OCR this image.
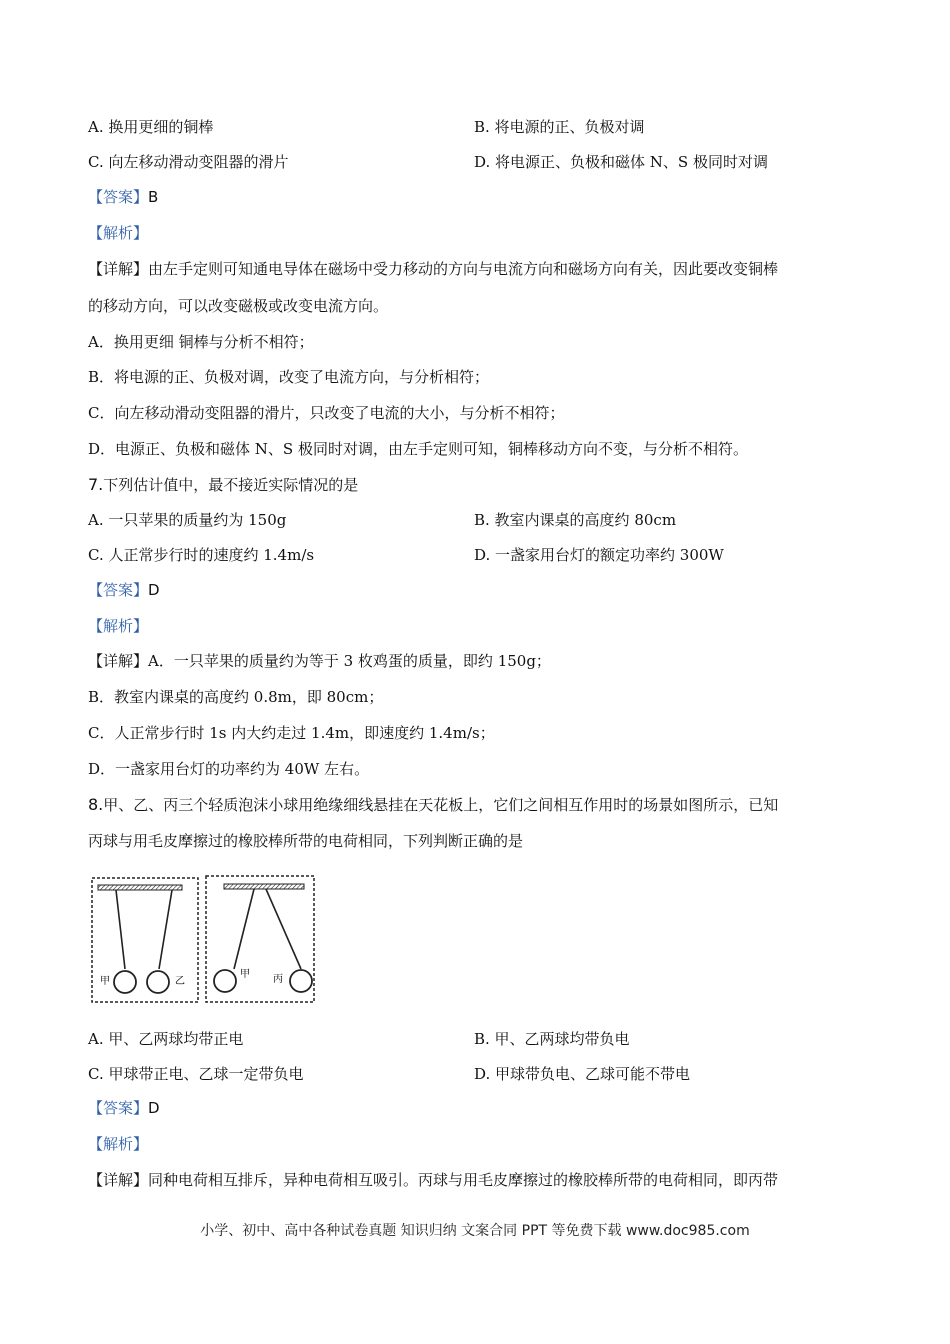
A. 换用更细的铜棒	B. 将电源的正、负极对调
C. 向左移动滑动变阻器的滑片	D. 将电源正、负极和磁体 N、S 极同时对调
【答案】B
【解析】
【详解】由左手定则可知通电导体在磁场中受力移动的方向与电流方向和磁场方向有关，因此要改变铜棒
的移动方向，可以改变磁极或改变电流方向。
A．换用更细 铜棒与分析不相符；
B．将电源的正、负极对调，改变了电流方向，与分析相符；
C．向左移动滑动变阻器的滑片，只改变了电流的大小，与分析不相符；
D．电源正、负极和磁体 N、S 极同时对调，由左手定则可知，铜棒移动方向不变，与分析不相符。
7.下列估计值中，最不接近实际情况的是
A. 一只苹果的质量约为 150g	B. 教室内课桌的高度约 80cm
C. 人正常步行时的速度约 1.4m/s	D. 一盏家用台灯的额定功率约 300W
【答案】D
【解析】
【详解】A．一只苹果的质量约为等于 3 枚鸡蛋的质量，即约 150g；
B．教室内课桌的高度约 0.8m，即 80cm；
C．人正常步行时 1s 内大约走过 1.4m，即速度约 1.4m/s；
D．一盏家用台灯的功率约为 40W 左右。
8.甲、乙、丙三个轻质泡沫小球用绝缘细线悬挂在天花板上，它们之间相互作用时的场景如图所示，已知
丙球与用毛皮摩擦过的橡胶棒所带的电荷相同，下列判断正确的是
甲	乙
甲 丙
A. 甲、乙两球均带正电	B. 甲、乙两球均带负电
C. 甲球带正电、乙球一定带负电	D. 甲球带负电、乙球可能不带电
【答案】D
【解析】
【详解】同种电荷相互排斥，异种电荷相互吸引。丙球与用毛皮摩擦过的橡胶棒所带的电荷相同，即丙带
小学、初中、高中各种试卷真题 知识归纳 文案合同 PPT 等免费下载 www.doc985.com
